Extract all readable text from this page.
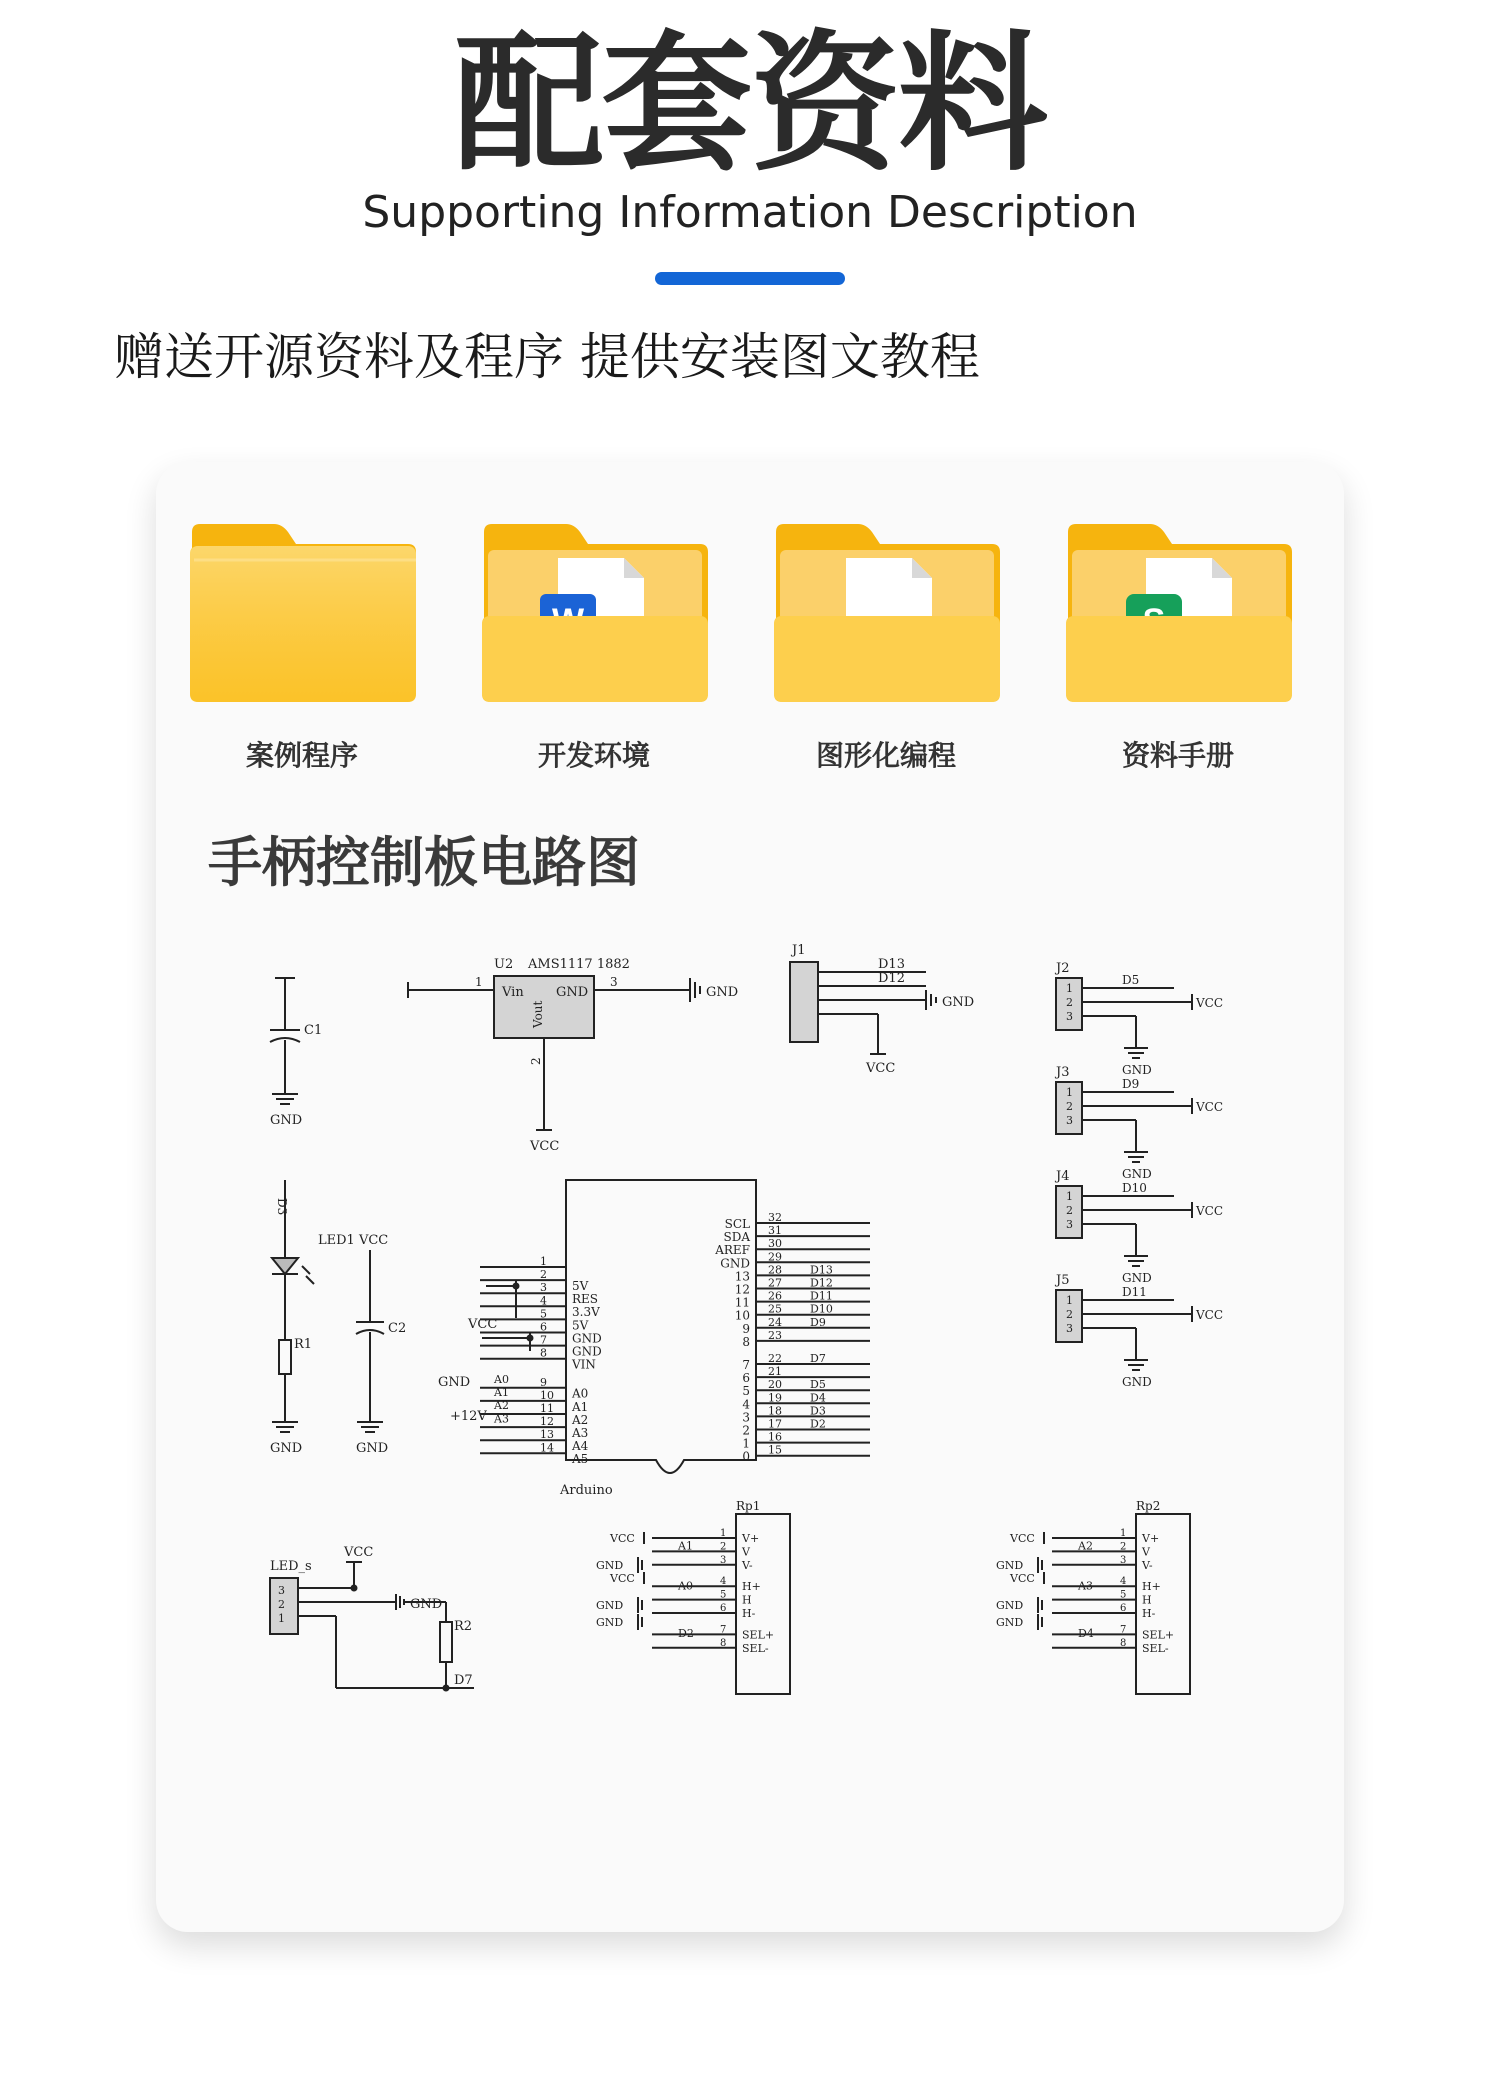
配套资料
Supporting Information Description
赠送开源资料及程序 提供安装图文教程
案例程序	开发环境	图形化编程	资料手册
手柄控制板电路图
C1
GND
U2 AMS1117 1882
Vin GND
Vout
1	3
2
GND
VCC
J1
D13
D12
GND
VCC
J2
1
2
3
D5
VCC
GND
J3
1
2
3
D9
VCC
GND
J4
1
2
3
D10
VCC
GND
J5
1
2
3
D11
VCC
GND
D3
LED1 VCC
R1
GND
C2
GND
Arduino
VCC
GND
+12V
1
2
3
4
5
6
7
8
9
10
11
12
13
14
5V
RES
3.3V
5V
GND
GND
VIN
A0
A1
A2
A3
A4
A5
A0
A1
A2
A3
32
31
30
29
28
27
26
25
24
23
22
21
20
19
18
17
16
15
SCL
SDA
AREF
GND
13
12
11
10
9
8
7
6
5
4
3
2
1
0
D13
D12
D11
D10
D9
D7
D5
D4
D3
D2
LED_s
VCC
GND
R2
D7
3
2
1
Rp1
V+
1
V
2
V-
3
H+
4
H
5
H-
6
SEL+
7
SEL-
8
VCC
GND
A1
VCC
GND
A0
GND
D2
Rp2
V+
1
V
2
V-
3
H+
4
H
5
H-
6
SEL+
7
SEL-
8
VCC
GND
A2
VCC
GND
A3
GND
D4
